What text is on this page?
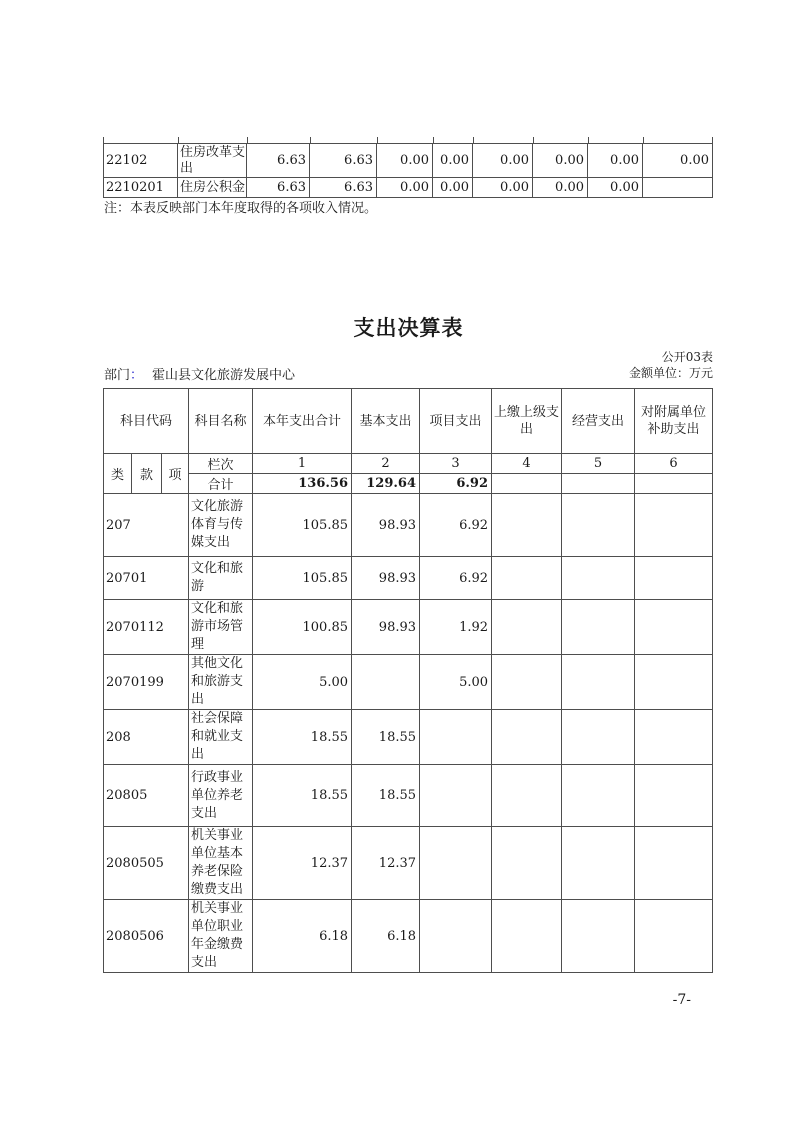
22102	住房改革支出	6.63	6.63	0.00	0.00	0.00	0.00	0.00	0.00
2210201	住房公积金	6.63	6.63	0.00	0.00	0.00	0.00	0.00	
注：本表反映部门本年度取得的各项收入情况。
支出决算表
公开03表
部门： 霍山县文化旅游发展中心	金额单位：万元
科目代码			科目名称	本年支出合计	基本支出	项目支出	上缴上级支出	经营支出	对附属单位补助支出
类	款	项	栏次	1	2	3	4	5	6
			合计	136.56	129.64	6.92			
207			文化旅游体育与传媒支出	105.85	98.93	6.92			
20701			文化和旅游	105.85	98.93	6.92			
2070112			文化和旅游市场管理	100.85	98.93	1.92			
2070199			其他文化和旅游支出	5.00		5.00			
208			社会保障和就业支出	18.55	18.55				
20805			行政事业单位养老支出	18.55	18.55				
2080505			机关事业单位基本养老保险缴费支出	12.37	12.37				
2080506			机关事业单位职业年金缴费支出	6.18	6.18				
-7-
